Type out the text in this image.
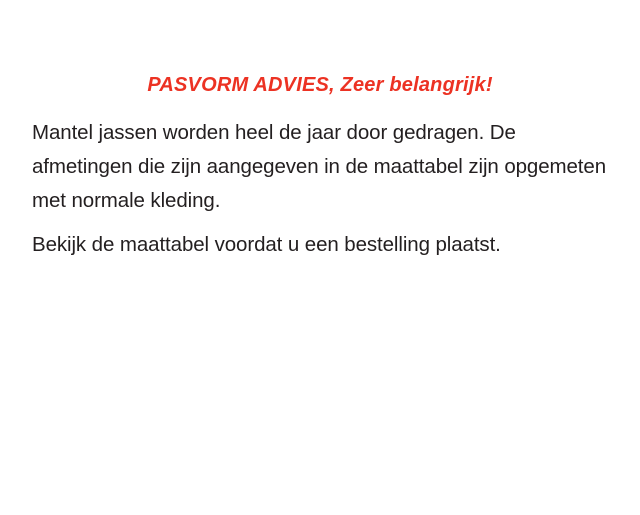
PASVORM ADVIES, Zeer belangrijk!

Mantel jassen worden heel de jaar door gedragen. De afmetingen die zijn aangegeven in de maattabel zijn opgemeten met normale kleding.

Bekijk de maattabel voordat u een bestelling plaatst.
